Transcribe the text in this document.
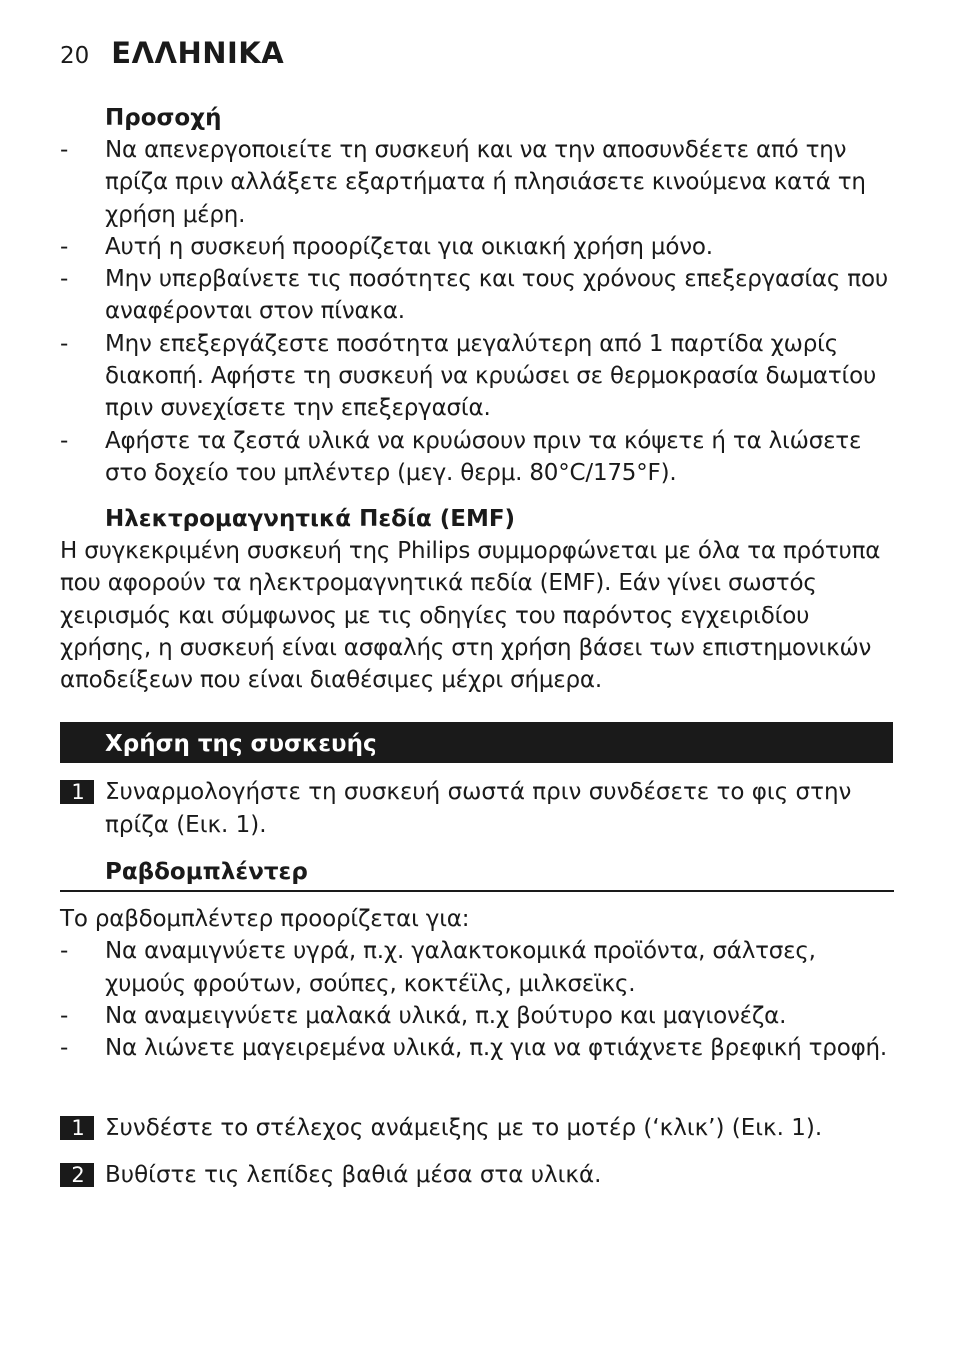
20 ΕΛΛΗΝΙΚΑ
Προσοχή
-	Να απενεργοποιείτε τη συσκευή και να την αποσυνδέετε από την πρίζα πριν αλλάξετε εξαρτήματα ή πλησιάσετε κινούμενα κατά τη χρήση μέρη.
-	Αυτή η συσκευή προορίζεται για οικιακή χρήση μόνο.
-	Μην υπερβαίνετε τις ποσότητες και τους χρόνους επεξεργασίας που αναφέρονται στον πίνακα.
-	Μην επεξεργάζεστε ποσότητα μεγαλύτερη από 1 παρτίδα χωρίς διακοπή. Αφήστε τη συσκευή να κρυώσει σε θερμοκρασία δωματίου πριν συνεχίσετε την επεξεργασία.
-	Αφήστε τα ζεστά υλικά να κρυώσουν πριν τα κόψετε ή τα λιώσετε στο δοχείο του μπλέντερ (μεγ. θερμ. 80°C/175°F).
Ηλεκτρομαγνητικά Πεδία (EMF)
Η συγκεκριμένη συσκευή της Philips συμμορφώνεται με όλα τα πρότυπα που αφορούν τα ηλεκτρομαγνητικά πεδία (EMF). Εάν γίνει σωστός χειρισμός και σύμφωνος με τις οδηγίες του παρόντος εγχειριδίου χρήσης, η συσκευή είναι ασφαλής στη χρήση βάσει των επιστημονικών αποδείξεων που είναι διαθέσιμες μέχρι σήμερα.
Χρήση της συσκευής
1 Συναρμολογήστε τη συσκευή σωστά πριν συνδέσετε το φις στην πρίζα (Εικ. 1).
Ραβδομπλέντερ
Το ραβδομπλέντερ προορίζεται για:
-	Να αναμιγνύετε υγρά, π.χ. γαλακτοκομικά προϊόντα, σάλτσες, χυμούς φρούτων, σούπες, κοκτέϊλς, μιλκσεϊκς.
-	Να αναμειγνύετε μαλακά υλικά, π.χ βούτυρο και μαγιονέζα.
-	Να λιώνετε μαγειρεμένα υλικά, π.χ για να φτιάχνετε βρεφική τροφή.
1 Συνδέστε το στέλεχος ανάμειξης με το μοτέρ (‘κλικ’) (Εικ. 1).
2 Βυθίστε τις λεπίδες βαθιά μέσα στα υλικά.
